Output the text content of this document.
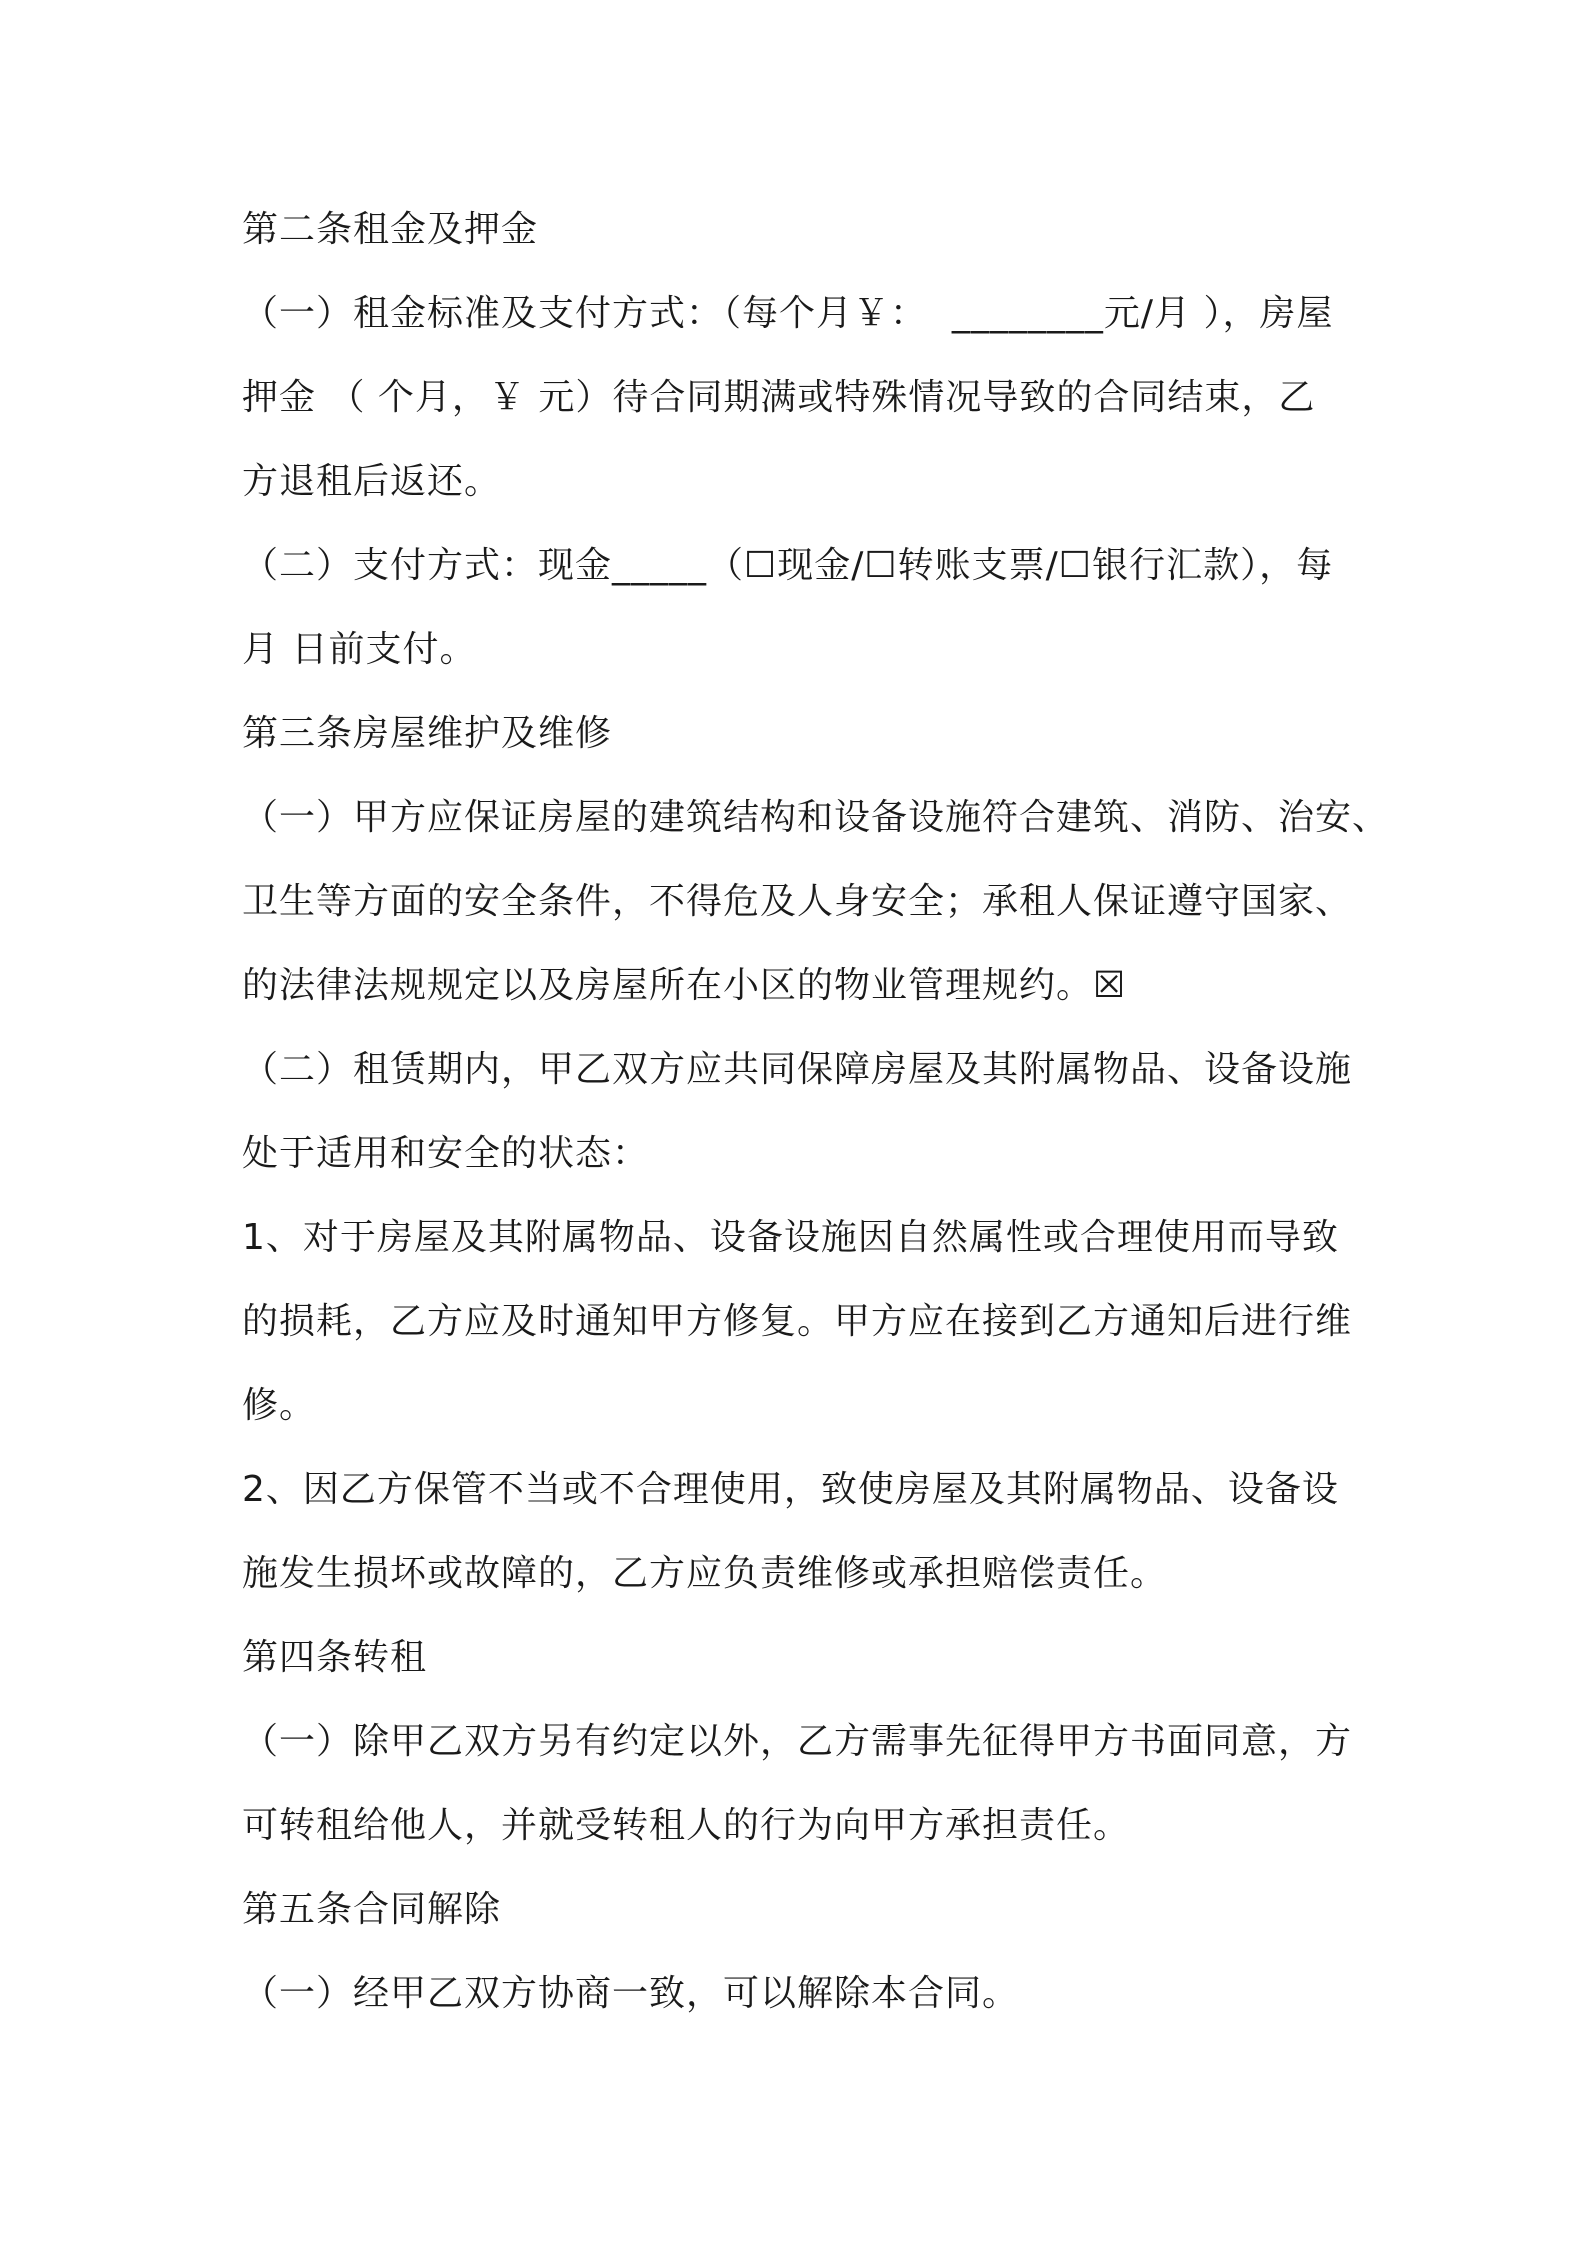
第二条租金及押金
（一）租金标准及支付方式：（每个月￥：  ________元/月 ），房屋
押金 （ 个月，￥ 元）待合同期满或特殊情况导致的合同结束，乙
方退租后返还。
（二）支付方式：现金_____（☐现金/☐转账支票/☐银行汇款），每
月 日前支付。
第三条房屋维护及维修
（一）甲方应保证房屋的建筑结构和设备设施符合建筑、消防、治安、
卫生等方面的安全条件，不得危及人身安全；承租人保证遵守国家、
的法律法规规定以及房屋所在小区的物业管理规约。☒
（二）租赁期内，甲乙双方应共同保障房屋及其附属物品、设备设施
处于适用和安全的状态：
1、对于房屋及其附属物品、设备设施因自然属性或合理使用而导致
的损耗，乙方应及时通知甲方修复。甲方应在接到乙方通知后进行维
修。
2、因乙方保管不当或不合理使用，致使房屋及其附属物品、设备设
施发生损坏或故障的，乙方应负责维修或承担赔偿责任。
第四条转租
（一）除甲乙双方另有约定以外，乙方需事先征得甲方书面同意，方
可转租给他人，并就受转租人的行为向甲方承担责任。
第五条合同解除
（一）经甲乙双方协商一致，可以解除本合同。
